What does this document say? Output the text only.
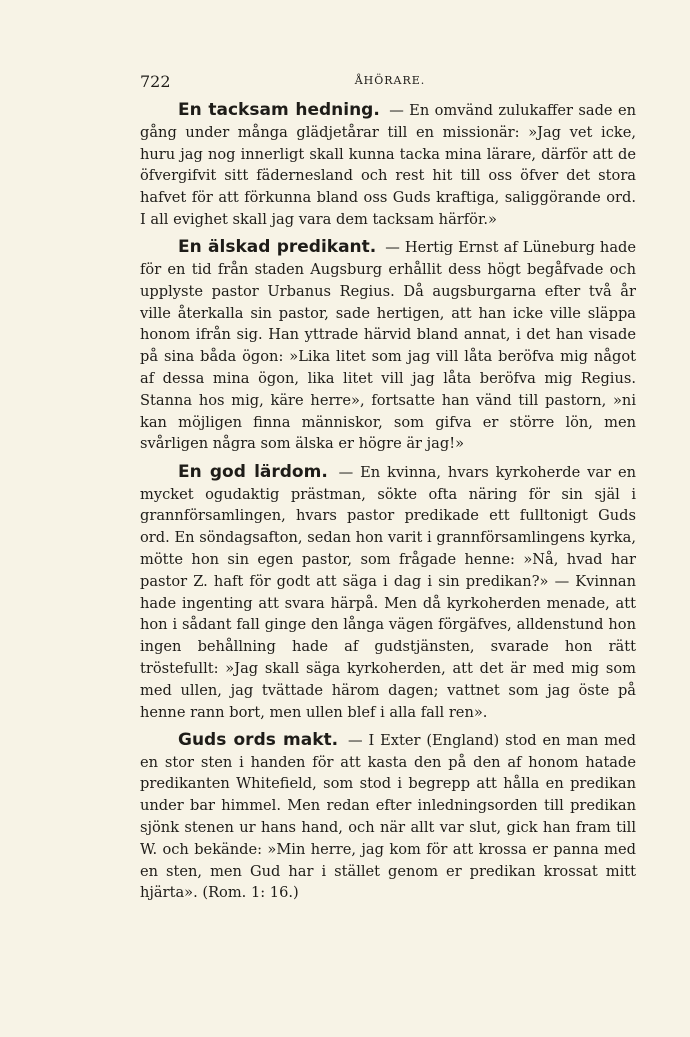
722	ÅHÖRARE.

En tacksam hedning. — En omvänd zulukaffer sade en gång under många glädjetårar till en missionär: »Jag vet icke, huru jag nog innerligt skall kunna tacka mina lärare, därför att de öfvergifvit sitt fädernesland och rest hit till oss öfver det stora hafvet för att förkunna bland oss Guds kraftiga, saliggörande ord. I all evighet skall jag vara dem tacksam härför.»

En älskad predikant. — Hertig Ernst af Lüneburg hade för en tid från staden Augsburg erhållit dess högt begåfvade och upplyste pastor Urbanus Regius. Då augsburgarna efter två år ville återkalla sin pastor, sade hertigen, att han icke ville släppa honom ifrån sig. Han yttrade härvid bland annat, i det han visade på sina båda ögon: »Lika litet som jag vill låta beröfva mig något af dessa mina ögon, lika litet vill jag låta beröfva mig Regius. Stanna hos mig, käre herre», fortsatte han vänd till pastorn, »ni kan möjligen finna människor, som gifva er större lön, men svårligen några som älska er högre är jag!»

En god lärdom. — En kvinna, hvars kyrkoherde var en mycket ogudaktig prästman, sökte ofta näring för sin själ i grannförsamlingen, hvars pastor predikade ett fulltonigt Guds ord. En söndagsafton, sedan hon varit i grannförsamlingens kyrka, mötte hon sin egen pastor, som frågade henne: »Nå, hvad har pastor Z. haft för godt att säga i dag i sin predikan?» — Kvinnan hade ingenting att svara härpå. Men då kyrkoherden menade, att hon i sådant fall ginge den långa vägen förgäfves, alldenstund hon ingen behållning hade af gudstjänsten, svarade hon rätt tröstefullt: »Jag skall säga kyrkoherden, att det är med mig som med ullen, jag tvättade härom dagen; vattnet som jag öste på henne rann bort, men ullen blef i alla fall ren».

Guds ords makt. — I Exter (England) stod en man med en stor sten i handen för att kasta den på den af honom hatade predikanten Whitefield, som stod i begrepp att hålla en predikan under bar himmel. Men redan efter inledningsorden till predikan sjönk stenen ur hans hand, och när allt var slut, gick han fram till W. och bekände: »Min herre, jag kom för att krossa er panna med en sten, men Gud har i stället genom er predikan krossat mitt hjärta». (Rom. 1: 16.)
